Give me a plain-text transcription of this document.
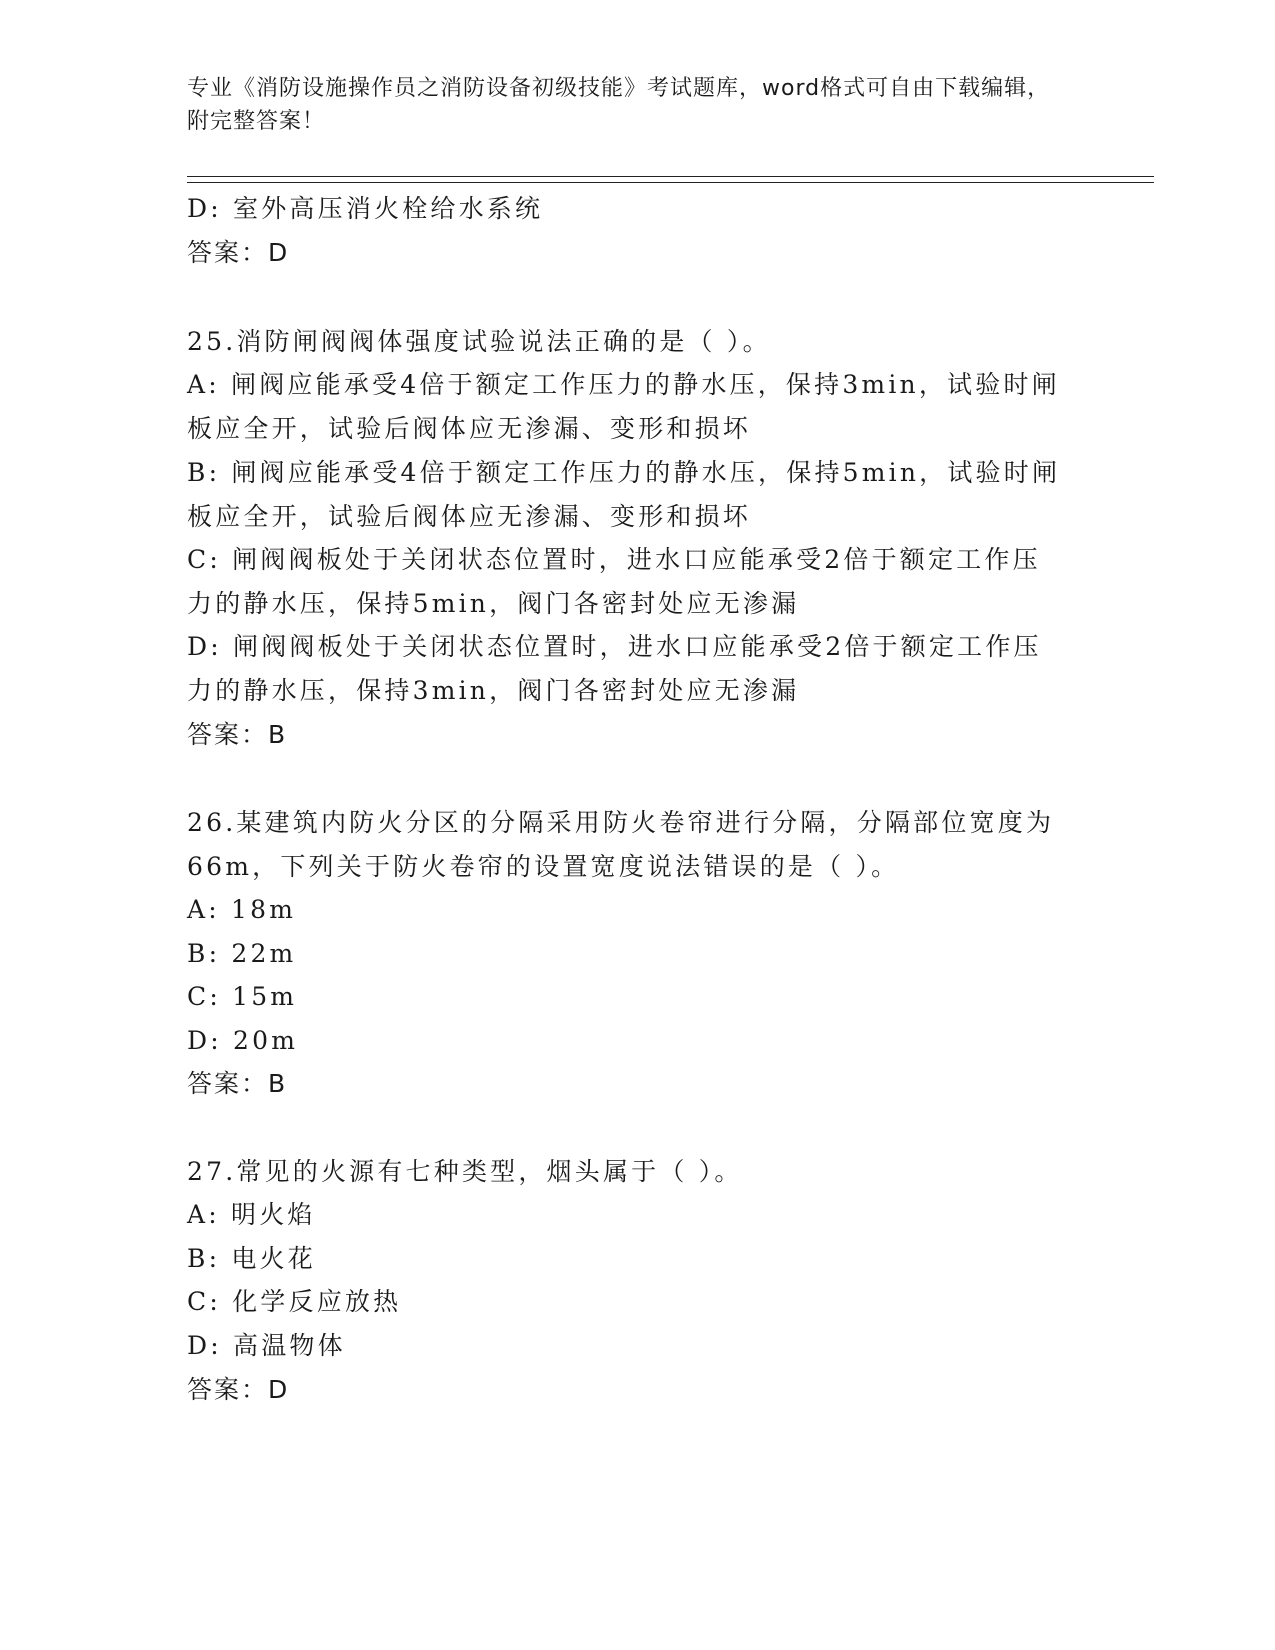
专业《消防设施操作员之消防设备初级技能》考试题库，word格式可自由下载编辑，附完整答案！
D: 室外高压消火栓给水系统
答案：D
25.消防闸阀阀体强度试验说法正确的是（ ）。
A: 闸阀应能承受4倍于额定工作压力的静水压，保持3min，试验时闸
板应全开，试验后阀体应无渗漏、变形和损坏
B: 闸阀应能承受4倍于额定工作压力的静水压，保持5min，试验时闸
板应全开，试验后阀体应无渗漏、变形和损坏
C: 闸阀阀板处于关闭状态位置时，进水口应能承受2倍于额定工作压
力的静水压，保持5min，阀门各密封处应无渗漏
D: 闸阀阀板处于关闭状态位置时，进水口应能承受2倍于额定工作压
力的静水压，保持3min，阀门各密封处应无渗漏
答案：B
26.某建筑内防火分区的分隔采用防火卷帘进行分隔，分隔部位宽度为
66m，下列关于防火卷帘的设置宽度说法错误的是（ ）。
A: 18m
B: 22m
C: 15m
D: 20m
答案：B
27.常见的火源有七种类型，烟头属于（ ）。
A: 明火焰
B: 电火花
C: 化学反应放热
D: 高温物体
答案：D
